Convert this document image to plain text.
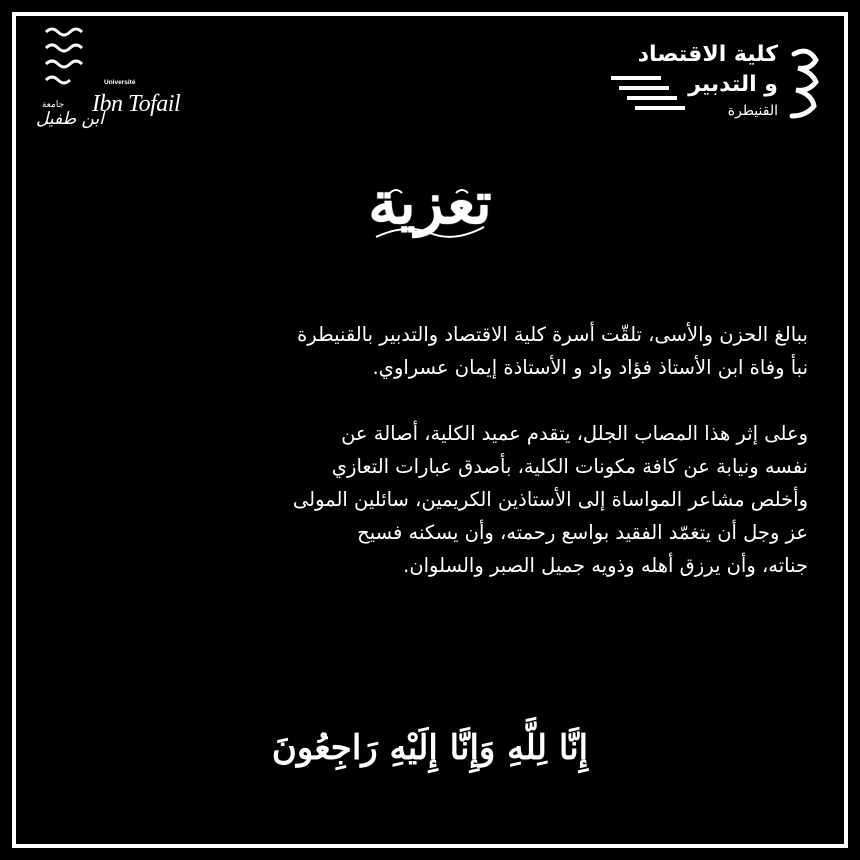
Université
Ibn Tofail
جامعة
ابن طفيل
كلية الاقتصاد
و التدبير
القنيطرة
تعزية
ببالغ الحزن والأسى، تلقّت أسرة كلية الاقتصاد والتدبير بالقنيطرة
نبأ وفاة ابن الأستاذ فؤاد واد و الأستاذة إيمان عسراوي.
وعلى إثر هذا المصاب الجلل، يتقدم عميد الكلية، أصالة عن
نفسه ونيابة عن كافة مكونات الكلية، بأصدق عبارات التعازي
وأخلص مشاعر المواساة إلى الأستاذين الكريمين، سائلين المولى
عز وجل أن يتغمّد الفقيد بواسع رحمته، وأن يسكنه فسيح
جناته، وأن يرزق أهله وذويه جميل الصبر والسلوان.
إِنَّا لِلَّهِ وَإِنَّا إِلَيْهِ رَاجِعُونَ
